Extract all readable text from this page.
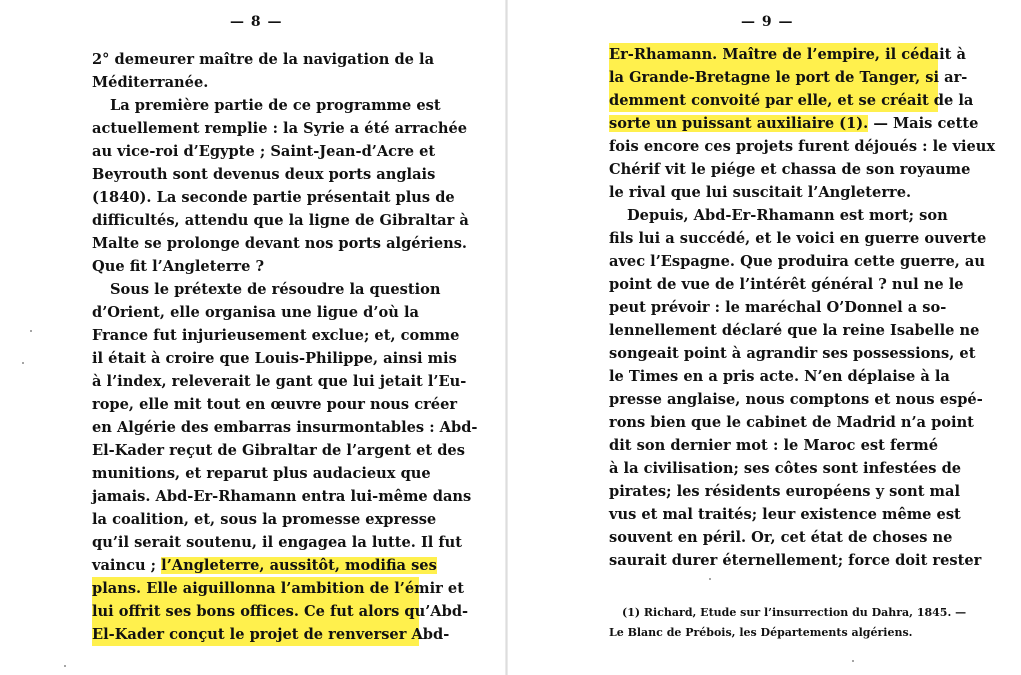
— 8 —
2° demeurer maître de la navigation de la
Méditerranée.
La première partie de ce programme est
actuellement remplie : la Syrie a été arrachée
au vice-roi d’Egypte ; Saint-Jean-d’Acre et
Beyrouth sont devenus deux ports anglais
(1840). La seconde partie présentait plus de
difficultés, attendu que la ligne de Gibraltar à
Malte se prolonge devant nos ports algériens.
Que fit l’Angleterre ?
Sous le prétexte de résoudre la question
d’Orient, elle organisa une ligue d’où la
France fut injurieusement exclue; et, comme
il était à croire que Louis-Philippe, ainsi mis
à l’index, releverait le gant que lui jetait l’Eu-
rope, elle mit tout en œuvre pour nous créer
en Algérie des embarras insurmontables : Abd-
El-Kader reçut de Gibraltar de l’argent et des
munitions, et reparut plus audacieux que
jamais. Abd-Er-Rhamann entra lui-même dans
la coalition, et, sous la promesse expresse
qu’il serait soutenu, il engagea la lutte. Il fut
vaincu ; l’Angleterre, aussitôt, modifia ses
plans. Elle aiguillonna l’ambition de l’émir et
lui offrit ses bons offices. Ce fut alors qu’Abd-
El-Kader conçut le projet de renverser Abd-
— 9 —
Er-Rhamann. Maître de l’empire, il cédait à
la Grande-Bretagne le port de Tanger, si ar-
demment convoité par elle, et se créait de la
sorte un puissant auxiliaire (1). — Mais cette
fois encore ces projets furent déjoués : le vieux
Chérif vit le piége et chassa de son royaume
le rival que lui suscitait l’Angleterre.
Depuis, Abd-Er-Rhamann est mort; son
fils lui a succédé, et le voici en guerre ouverte
avec l’Espagne. Que produira cette guerre, au
point de vue de l’intérêt général ? nul ne le
peut prévoir : le maréchal O’Donnel a so-
lennellement déclaré que la reine Isabelle ne
songeait point à agrandir ses possessions, et
le Times en a pris acte. N’en déplaise à la
presse anglaise, nous comptons et nous espé-
rons bien que le cabinet de Madrid n’a point
dit son dernier mot : le Maroc est fermé
à la civilisation; ses côtes sont infestées de
pirates; les résidents européens y sont mal
vus et mal traités; leur existence même est
souvent en péril. Or, cet état de choses ne
saurait durer éternellement; force doit rester
(1) Richard, Etude sur l’insurrection du Dahra, 1845. —
Le Blanc de Prébois, les Départements algériens.
